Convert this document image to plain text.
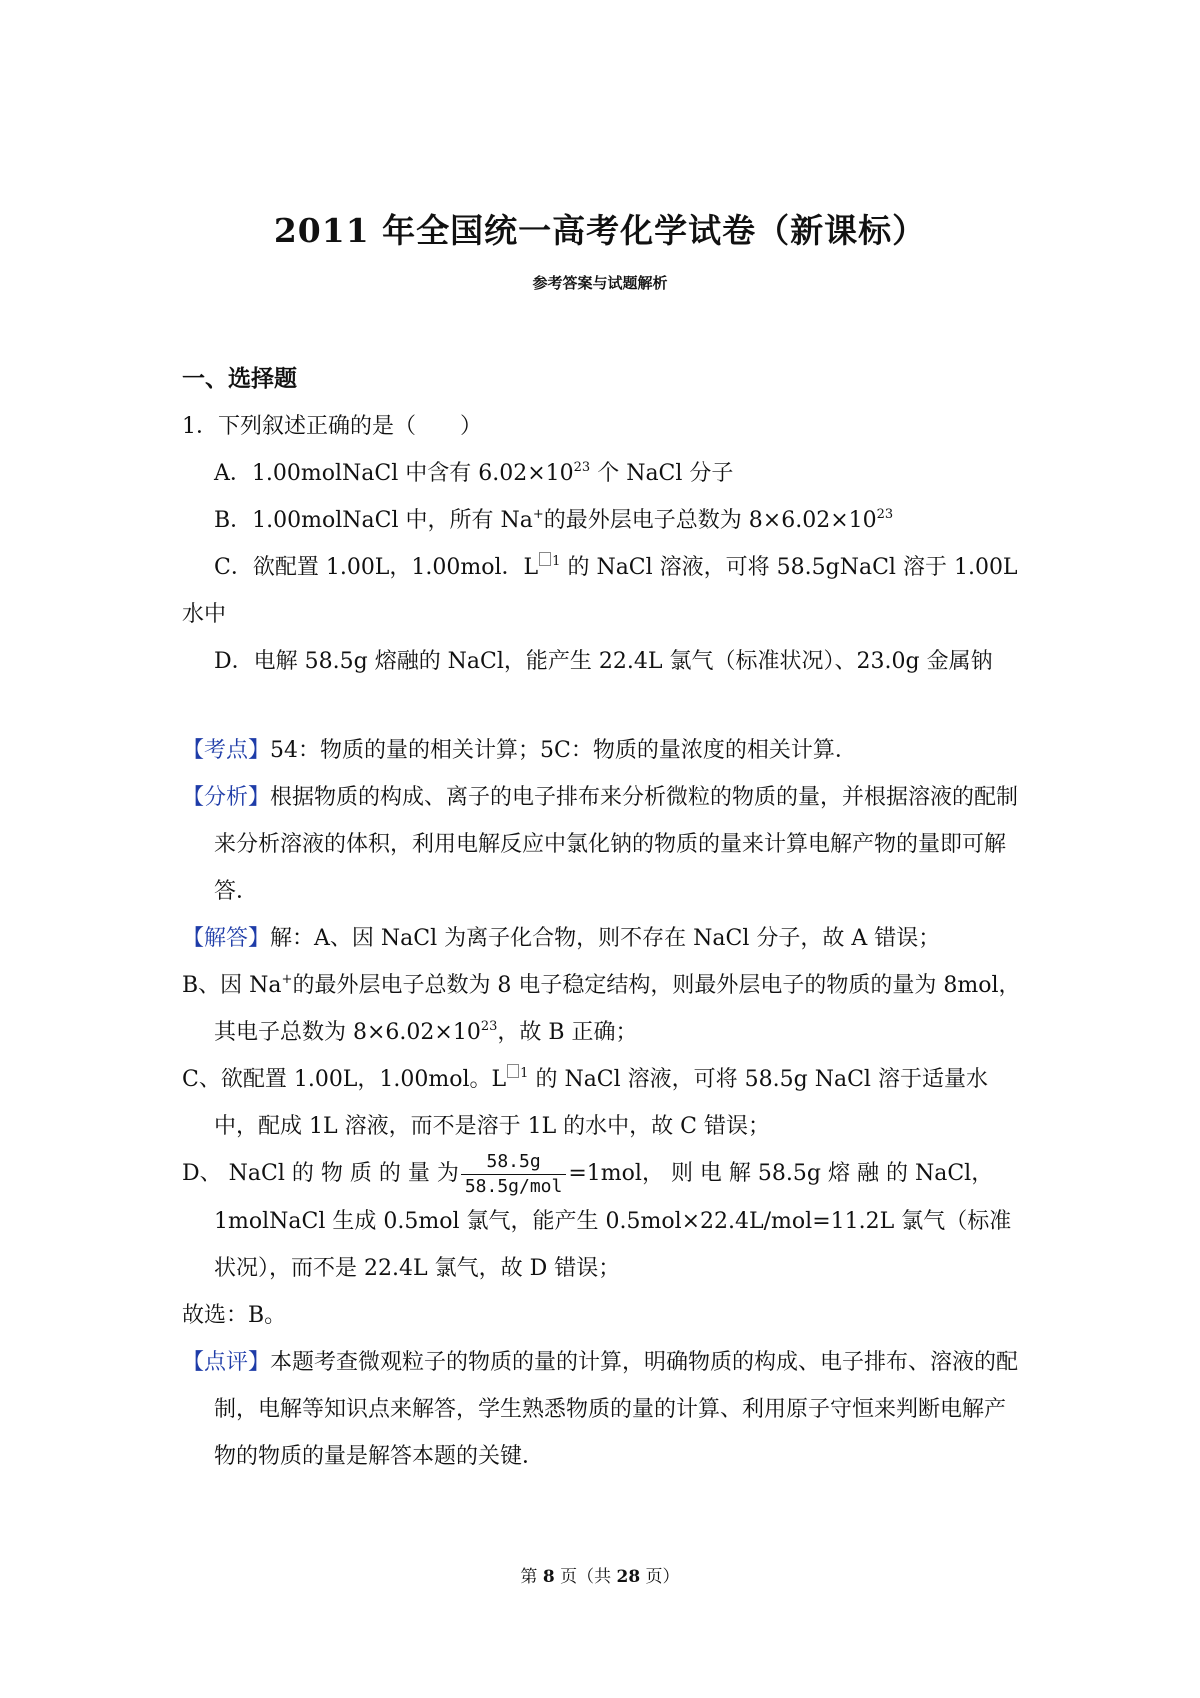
2011 年全国统一高考化学试卷（新课标）
参考答案与试题解析

一、选择题

1．下列叙述正确的是（　　）

A．1.00molNaCl 中含有 $6.02\times 10^{23}$ 个 NaCl 分子

B．1.00molNaCl 中，所有 Na+的最外层电子总数为 $8\times 6.02\times 10^{23}$

C．欲配置 1.00L，1.00mol．L $^1$ 的 NaCl 溶液，可将 58.5gNaCl 溶于 1.00L

水中

D．电解 58.5g 熔融的 NaCl，能产生 22.4L 氯气（标准状况）、23.0g 金属钠

【考点】54：物质的量的相关计算；5C：物质的量浓度的相关计算．

【分析】根据物质的构成、离子的电子排布来分析微粒的物质的量，并根据溶液的配制来分析溶液的体积，利用电解反应中氯化钠的物质的量来计算电解产物的量即可解答．

【解答】解：A、因 NaCl 为离子化合物，则不存在 NaCl 分子，故 A 错误；

B、因 Na+的最外层电子总数为 8 电子稳定结构，则最外层电子的物质的量为 8mol，其电子总数为 $8\times 6.02\times 10^{23}$，故 B 正确；

C、欲配置 1.00L，1.00mol。L $^1$ 的 NaCl 溶液，可将 58.5g NaCl 溶于适量水中，配成 1L 溶液，而不是溶于 1L 的水中，故 C 错误；

D、 NaCl 的 物 质 的 量 为 $\frac{58.5g}{\text{58.5g/mol}} =1mol$， 则 电 解 58.5g 熔 融 的 NaCl，1molNaCl 生成 0.5mol 氯气，能产生 0.5mol×22.4L/mol=11.2L 氯气（标准状况），而不是 22.4L 氯气，故 D 错误；

故选：B。

【点评】本题考查微观粒子的物质的量的计算，明确物质的构成、电子排布、溶液的配制，电解等知识点来解答，学生熟悉物质的量的计算、利用原子守恒来判断电解产物的物质的量是解答本题的关键．

第 8 页（共 28 页）
